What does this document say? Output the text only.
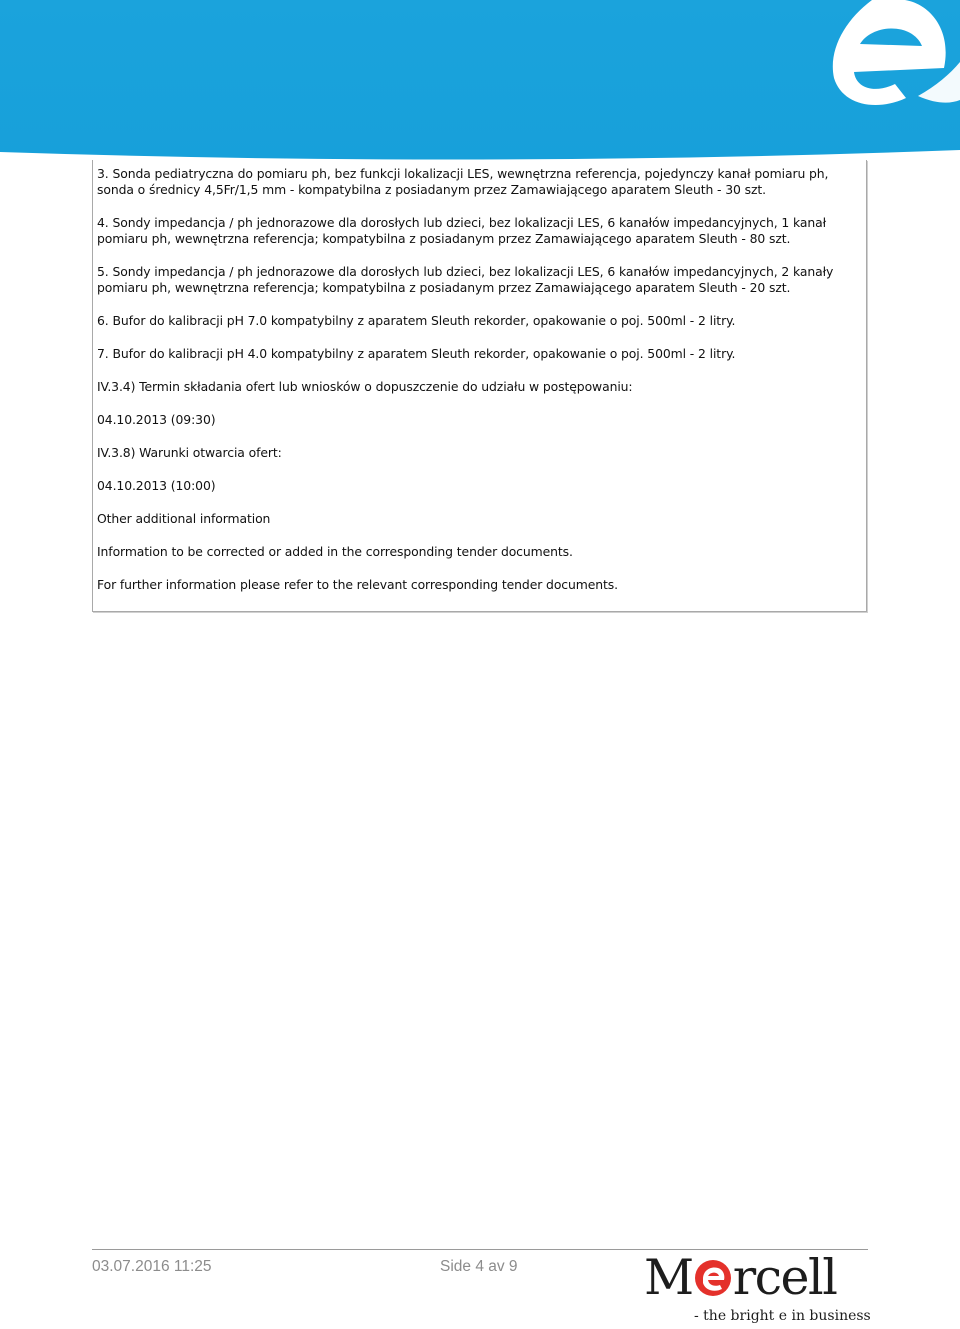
3. Sonda pediatryczna do pomiaru ph, bez funkcji lokalizacji LES, wewnętrzna referencja, pojedynczy kanał pomiaru ph, sonda o średnicy 4,5Fr/1,5 mm - kompatybilna z posiadanym przez Zamawiającego aparatem Sleuth - 30 szt.

4. Sondy impedancja / ph jednorazowe dla dorosłych lub dzieci, bez lokalizacji LES, 6 kanałów impedancyjnych, 1 kanał pomiaru ph, wewnętrzna referencja; kompatybilna z posiadanym przez Zamawiającego aparatem Sleuth - 80 szt.

5. Sondy impedancja / ph jednorazowe dla dorosłych lub dzieci, bez lokalizacji LES, 6 kanałów impedancyjnych, 2 kanały pomiaru ph, wewnętrzna referencja; kompatybilna z posiadanym przez Zamawiającego aparatem Sleuth - 20 szt.

6. Bufor do kalibracji pH 7.0 kompatybilny z aparatem Sleuth rekorder, opakowanie o poj. 500ml - 2 litry.

7. Bufor do kalibracji pH 4.0 kompatybilny z aparatem Sleuth rekorder, opakowanie o poj. 500ml - 2 litry.

IV.3.4) Termin składania ofert lub wniosków o dopuszczenie do udziału w postępowaniu:

04.10.2013 (09:30)

IV.3.8) Warunki otwarcia ofert:

04.10.2013 (10:00)

Other additional information

Information to be corrected or added in the corresponding tender documents.

For further information please refer to the relevant corresponding tender documents.

03.07.2016 11:25	Side 4 av 9	M rcell
- the bright e in business
